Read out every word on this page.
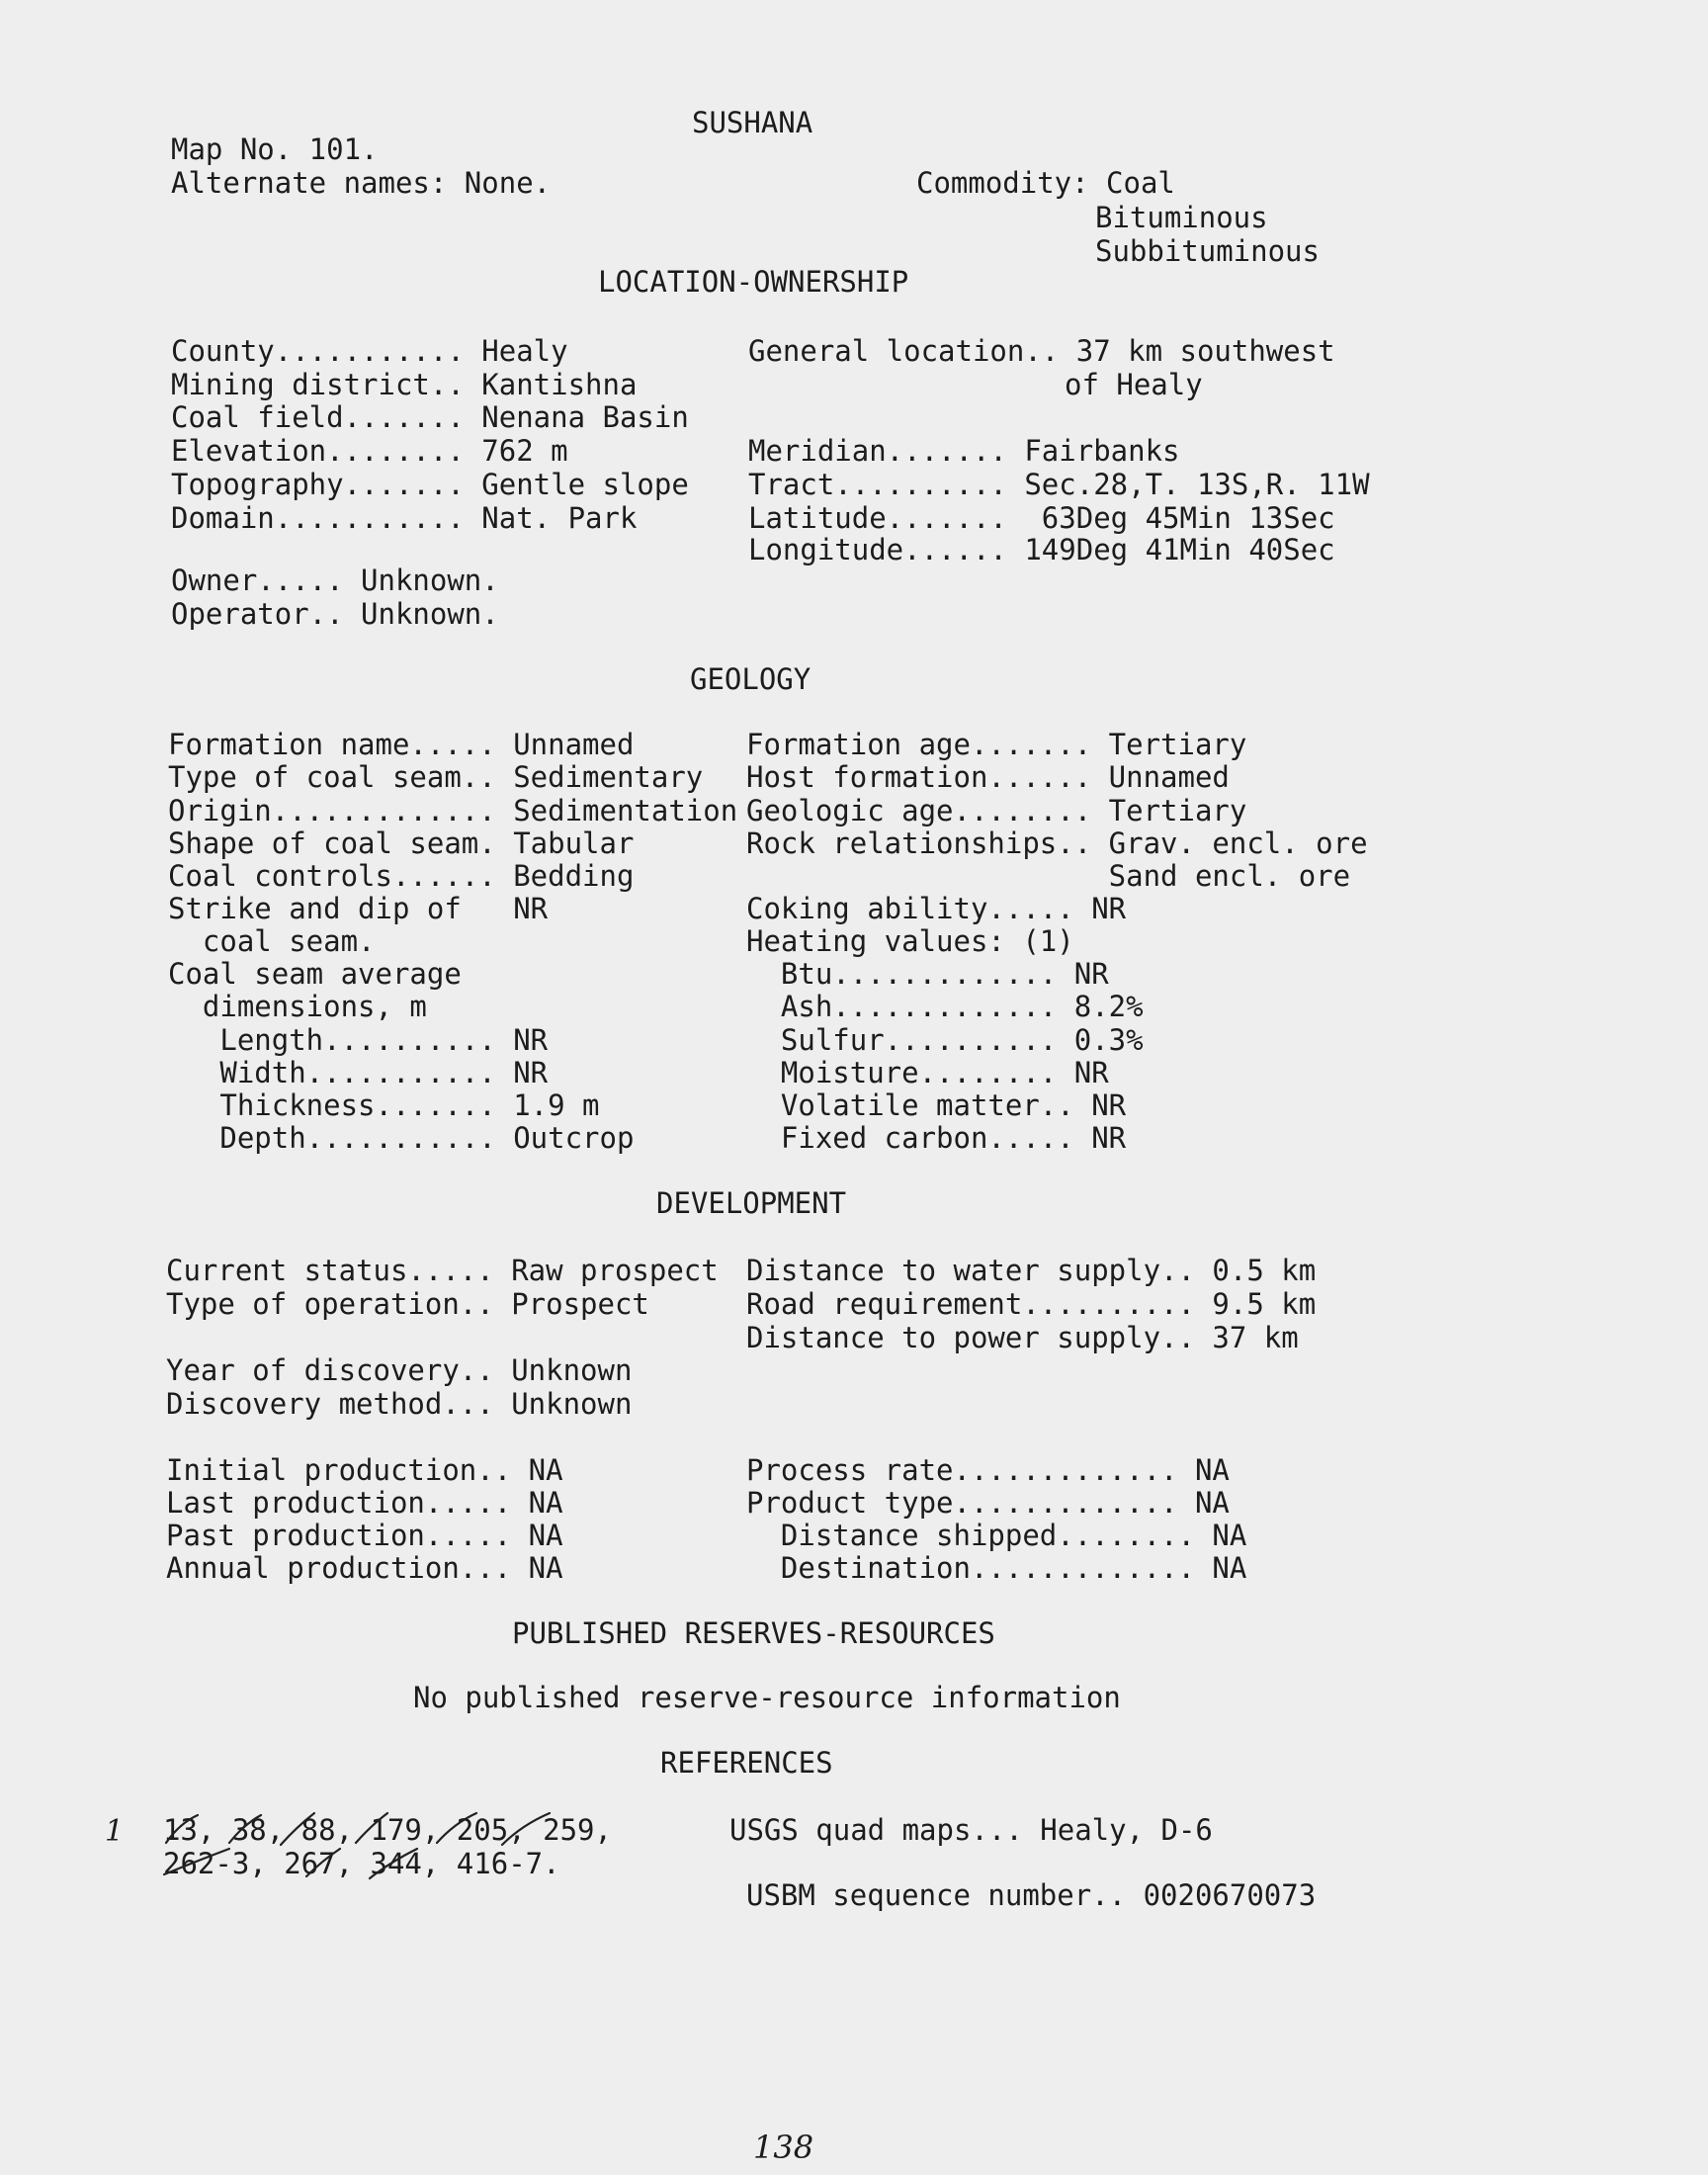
SUSHANA
Map No. 101.
Alternate names: None.	Commodity: Coal
Bituminous
Subbituminous
LOCATION-OWNERSHIP
County........... Healy
Mining district.. Kantishna
Coal field....... Nenana Basin
Elevation........ 762 m
Topography....... Gentle slope
Domain........... Nat. Park
Owner..... Unknown.
Operator.. Unknown.
General location.. 37 km southwest
of Healy
Meridian....... Fairbanks
Tract.......... Sec.28,T. 13S,R. 11W
Latitude.......  63Deg 45Min 13Sec
Longitude...... 149Deg 41Min 40Sec
GEOLOGY
Formation name..... Unnamed
Type of coal seam.. Sedimentary
Origin............. Sedimentation
Shape of coal seam. Tabular
Coal controls...... Bedding
Strike and dip of   NR
coal seam.
Coal seam average
dimensions, m
Length.......... NR
Width........... NR
Thickness....... 1.9 m
Depth........... Outcrop
Formation age....... Tertiary
Host formation...... Unnamed
Geologic age........ Tertiary
Rock relationships.. Grav. encl. ore
Sand encl. ore
Coking ability..... NR
Heating values: (1)
Btu............. NR
Ash............. 8.2%
Sulfur.......... 0.3%
Moisture........ NR
Volatile matter.. NR
Fixed carbon..... NR
DEVELOPMENT
Current status..... Raw prospect
Type of operation.. Prospect
Year of discovery.. Unknown
Discovery method... Unknown
Distance to water supply.. 0.5 km
Road requirement.......... 9.5 km
Distance to power supply.. 37 km
Initial production.. NA
Last production..... NA
Past production..... NA
Annual production... NA
Process rate............. NA
Product type............. NA
Distance shipped........ NA
Destination............. NA
PUBLISHED RESERVES-RESOURCES
No published reserve-resource information
REFERENCES
1 13, 38, 88, 179, 205, 259,
262-3, 267, 344, 416-7.
USGS quad maps... Healy, D-6
USBM sequence number.. 0020670073
138
